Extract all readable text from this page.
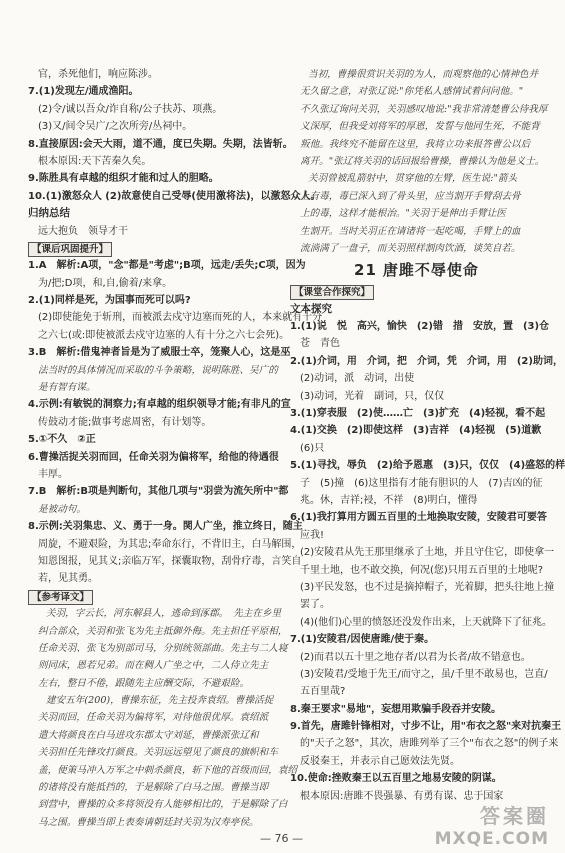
官，杀死他们，响应陈涉。
7.(1)发现左/通成渔阳。
(2)令/诚以吾众/诈自称/公子扶苏、项燕。
(3)又/间令吴广/之次所旁/丛祠中。
8.直接原因:会天大雨，道不通，度已失期。失期，法皆斩。
根本原因:天下苦秦久矣。
9.陈胜具有卓越的组织才能和过人的胆略。
10.(1)激怒众人 (2)故意使自己受辱(使用激将法)，以激怒众人。
归纳总结
远大抱负　领导才干
【课后巩固提升】
1.A　解析:A项，"念"都是"考虑";B项，远走/丢失;C项，因为
为/把;D项，和,自,偷着/来拿。
2.(1)同样是死，为国事而死可以吗?
(2)即使能免于斩刑，而被派去戍守边塞而死的人，本来就有十分
之六七(或:即使被派去戍守边塞的人有十分之六七会死)。
3.B　解析:借鬼神者旨是为了威服士卒，笼聚人心，这是巫
法当时的具体情况而采取的斗争策略，说明陈胜、吴广的
是有智有谋。
4.示例:有敏锐的洞察力;有卓越的组织领导才能;有非凡的宣
传鼓动才能;做事考虑周密，有计划等。
5.①不久　②正
6.曹操活捉关羽而回，任命关羽为偏将军，给他的待遇很
丰厚。
7.B　解析:B项是判断句，其他几项与"羽尝为流矢所中"都
是被动句。
8.示例:关羽集忠、义、勇于一身。関人广坐，推立终日，随主
周旋，不避艰险，为其忠;奉命东行，不背旧主，白马解围，
知恩图报，见其义;亲临万军，探囊取物，刮骨疗毒，言笑自
若，见其勇。
【参考译文】
关羽，字云长，河东解县人，逃命到涿郡。　先主在乡里
纠合部众，关羽和张飞为先主抵御外侮。先主担任平原相，
任命关羽、张飞为别部司马，分别统领部曲。先主与二人寝
则同床，恩若兄弟。而在稠人广坐之中，二人侍立先主
左右，整日不倦，跟随先主应酬交际，不避艰险。
建安五年(200)，曹操东征，先主投奔袁绍。曹操活捉
关羽而回，任命关羽为偏将军，对待他很优厚。袁绍派
遣大将颜良在白马进攻东郡太守刘延，曹操派张辽和
关羽担任先锋攻打颜良。关羽远远望见了颜良的旗帜和车
盖，便策马冲入万军之中刺杀颜良，斩下他的首级而回，袁绍
的诸将没有能抵挡的，于是解除了白马之围。曹操当即
到营中，曹操的众多将领没有人能够相比的，于是解除了白
马之围。曹操当即上表奏请朝廷封关羽为汉寿亭侯。
当初，曹操很赏识关羽的为人，而观察他的心情神色并
无久留之意，对张辽说:"你凭私人感情试着问问他。"
不久张辽询问关羽，关羽感叹地说:"我非常清楚曹公待我厚
义深厚，但我受刘将军的厚恩，发誓与他同生死，不能背
叛他。我终究不能留在这里，我将立功来报答曹公以后
离开。"张辽将关羽的话回报给曹操，曹操认为他是义士。
关羽曾被乱箭射中，贯穿他的左臂，医生说:"箭头
上有毒，毒已深入到了骨头里，应当割开手臂刮去骨
上的毒，这样才能根治。"关羽于是伸出手臂让医
生割开。当时关羽正在请诸将一起吃喝，手臂上的血
流淌满了一盘子，而关羽照样割肉饮酒，谈笑自若。
21 唐雎不辱使命
【课堂合作探究】
文本探究
1.(1)说　悦　高兴，愉快　(2)错　措　安放，置　(3)仓
苍　青色
2.(1)介词，用　介词，把　介词，凭　介词，用　(2)助词，
(2)动词，派　动词，出使
(3)动词，光着　副词，只，仅仅
3.(1)穿表服　(2)使……亡　(3)扩充　(4)轻视，看不起
4.(1)交换　(2)即使这样　(3)吉祥　(4)轻视　(5)道歉
(6)只
5.(1)寻找，辱负　(2)给予恩惠　(3)只，仅仅　(4)盛怒的样
子　(5)撞　(6)这里指有才能有胆识的人　(7)吉凶的征
兆。休，吉祥;祲，不祥　(8)明白，懂得
6.(1)我打算用方圆五百里的土地换取安陵，安陵君可要答
应我!
(2)安陵君从先王那里继承了土地，并且守住它，即使拿一
千里土地，也不敢交换，何况(您)只用五百里的土地呢?
(3)平民发怒，也不过是摘掉帽子，光着脚，把头往地上撞
罢了。
(4)(他们)心里的愤怒还没发作出来，上天就降下了征兆。
7.(1)安陵君/因使唐雎/使于秦。
(2)而君以五十里之地存者/以君为长者/故不错意也。
(3)安陵君/受地于先王/而守之，虽/千里不敢易也，岂直/
五百里哉?
8.秦王要求"易地"，妄想用欺骗手段吞并安陵。
9.首先，唐雎针锋相对，寸步不让，用"布衣之怒"来对抗秦王
的"天子之怒"，其次，唐雎列举了三个"布衣之怒"的例子来
反驳秦王，并表示自己愿效法先贤。
10.使命:挫败秦王以五百里之地易安陵的阴谋。
根本原因:唐雎不畏强暴、有勇有谋、忠于国家
— 76 —
答案圈
MXQE.COM
